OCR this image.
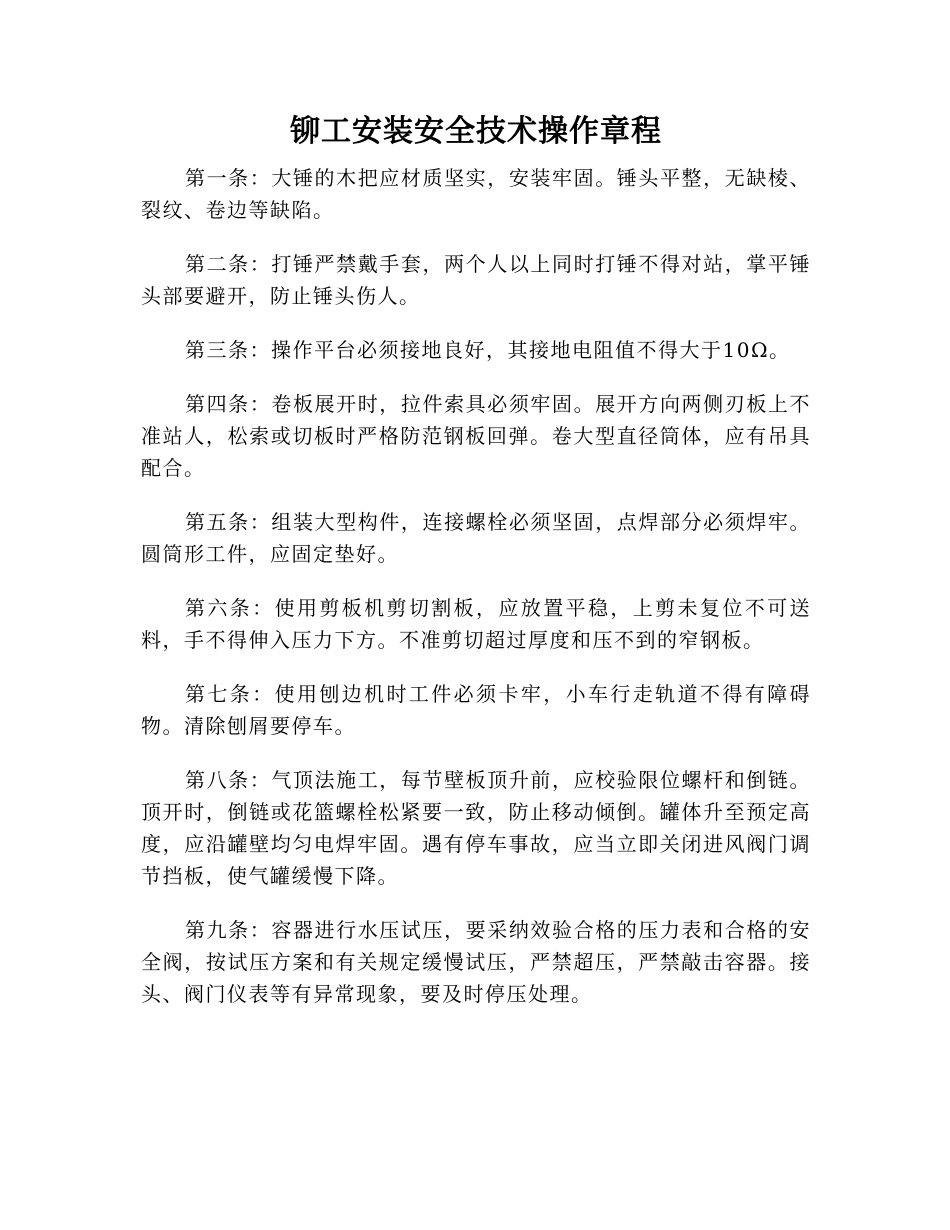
铆工安装安全技术操作章程

第一条：大锤的木把应材质坚实，安装牢固。锤头平整，无缺棱、裂纹、卷边等缺陷。

第二条：打锤严禁戴手套，两个人以上同时打锤不得对站，掌平锤头部要避开，防止锤头伤人。

第三条：操作平台必须接地良好，其接地电阻值不得大于10Ω。

第四条：卷板展开时，拉件索具必须牢固。展开方向两侧刃板上不准站人，松索或切板时严格防范钢板回弹。卷大型直径筒体，应有吊具配合。

第五条：组装大型构件，连接螺栓必须坚固，点焊部分必须焊牢。圆筒形工件，应固定垫好。

第六条：使用剪板机剪切割板，应放置平稳，上剪未复位不可送料，手不得伸入压力下方。不准剪切超过厚度和压不到的窄钢板。

第七条：使用刨边机时工件必须卡牢，小车行走轨道不得有障碍物。清除刨屑要停车。

第八条：气顶法施工，每节壁板顶升前，应校验限位螺杆和倒链。顶开时，倒链或花篮螺栓松紧要一致，防止移动倾倒。罐体升至预定高度，应沿罐壁均匀电焊牢固。遇有停车事故，应当立即关闭进风阀门调节挡板，使气罐缓慢下降。

第九条：容器进行水压试压，要采纳效验合格的压力表和合格的安全阀，按试压方案和有关规定缓慢试压，严禁超压，严禁敲击容器。接头、阀门仪表等有异常现象，要及时停压处理。
